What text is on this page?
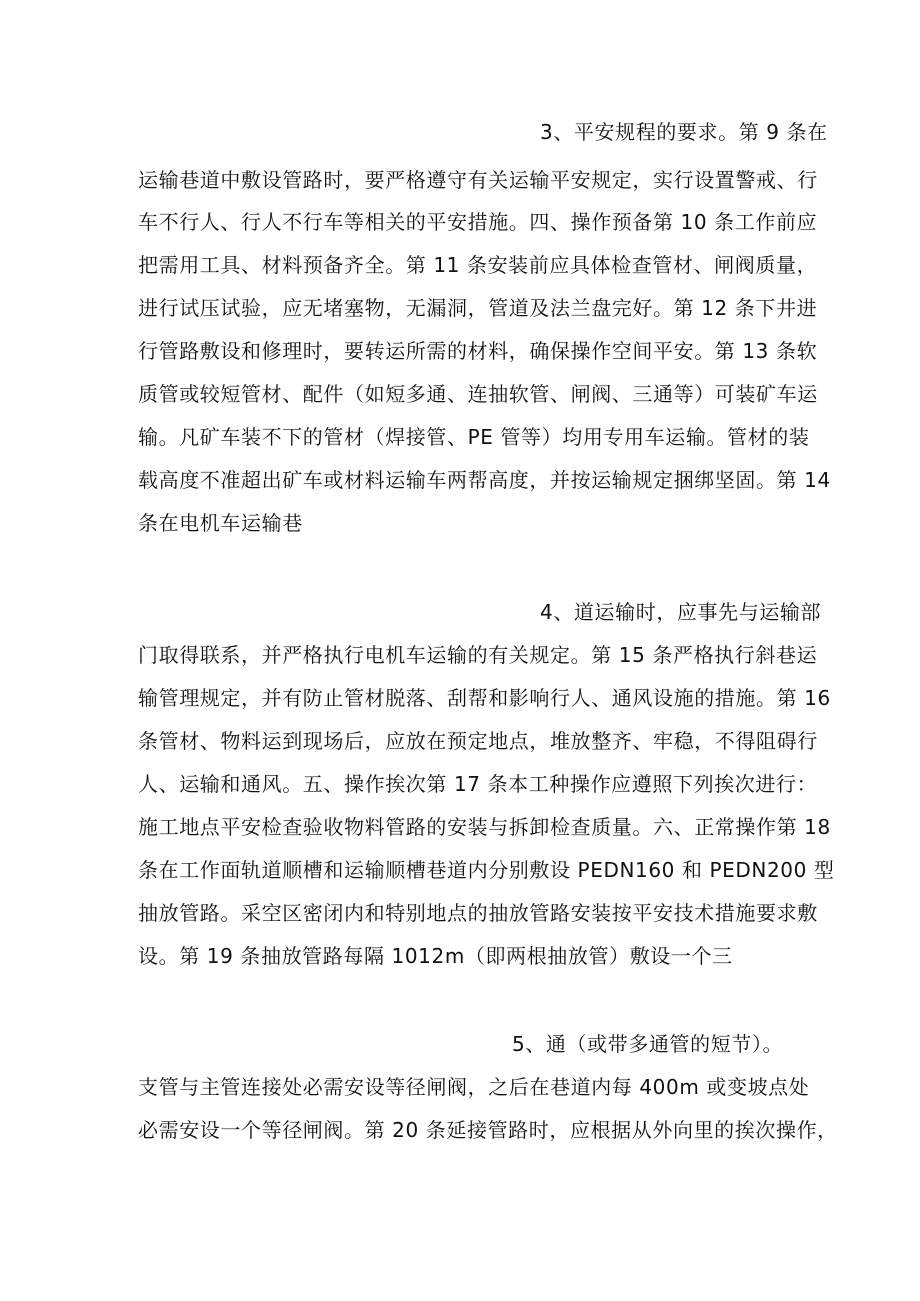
3、平安规程的要求。第 9 条在
运输巷道中敷设管路时，要严格遵守有关运输平安规定，实行设置警戒、行
车不行人、行人不行车等相关的平安措施。四、操作预备第 10 条工作前应
把需用工具、材料预备齐全。第 11 条安装前应具体检查管材、闸阀质量，
进行试压试验，应无堵塞物，无漏洞，管道及法兰盘完好。第 12 条下井进
行管路敷设和修理时，要转运所需的材料，确保操作空间平安。第 13 条软
质管或较短管材、配件（如短多通、连抽软管、闸阀、三通等）可装矿车运
输。凡矿车装不下的管材（焊接管、PE 管等）均用专用车运输。管材的装
载高度不准超出矿车或材料运输车两帮高度，并按运输规定捆绑坚固。第 14
条在电机车运输巷
4、道运输时，应事先与运输部
门取得联系，并严格执行电机车运输的有关规定。第 15 条严格执行斜巷运
输管理规定，并有防止管材脱落、刮帮和影响行人、通风设施的措施。第 16
条管材、物料运到现场后，应放在预定地点，堆放整齐、牢稳，不得阻碍行
人、运输和通风。五、操作挨次第 17 条本工种操作应遵照下列挨次进行：
施工地点平安检查验收物料管路的安装与拆卸检查质量。六、正常操作第 18
条在工作面轨道顺槽和运输顺槽巷道内分别敷设 PEDN160 和 PEDN200 型
抽放管路。采空区密闭内和特别地点的抽放管路安装按平安技术措施要求敷
设。第 19 条抽放管路每隔 1012m（即两根抽放管）敷设一个三
5、通（或带多通管的短节）。
支管与主管连接处必需安设等径闸阀，之后在巷道内每 400m 或变坡点处
必需安设一个等径闸阀。第 20 条延接管路时，应根据从外向里的挨次操作，
